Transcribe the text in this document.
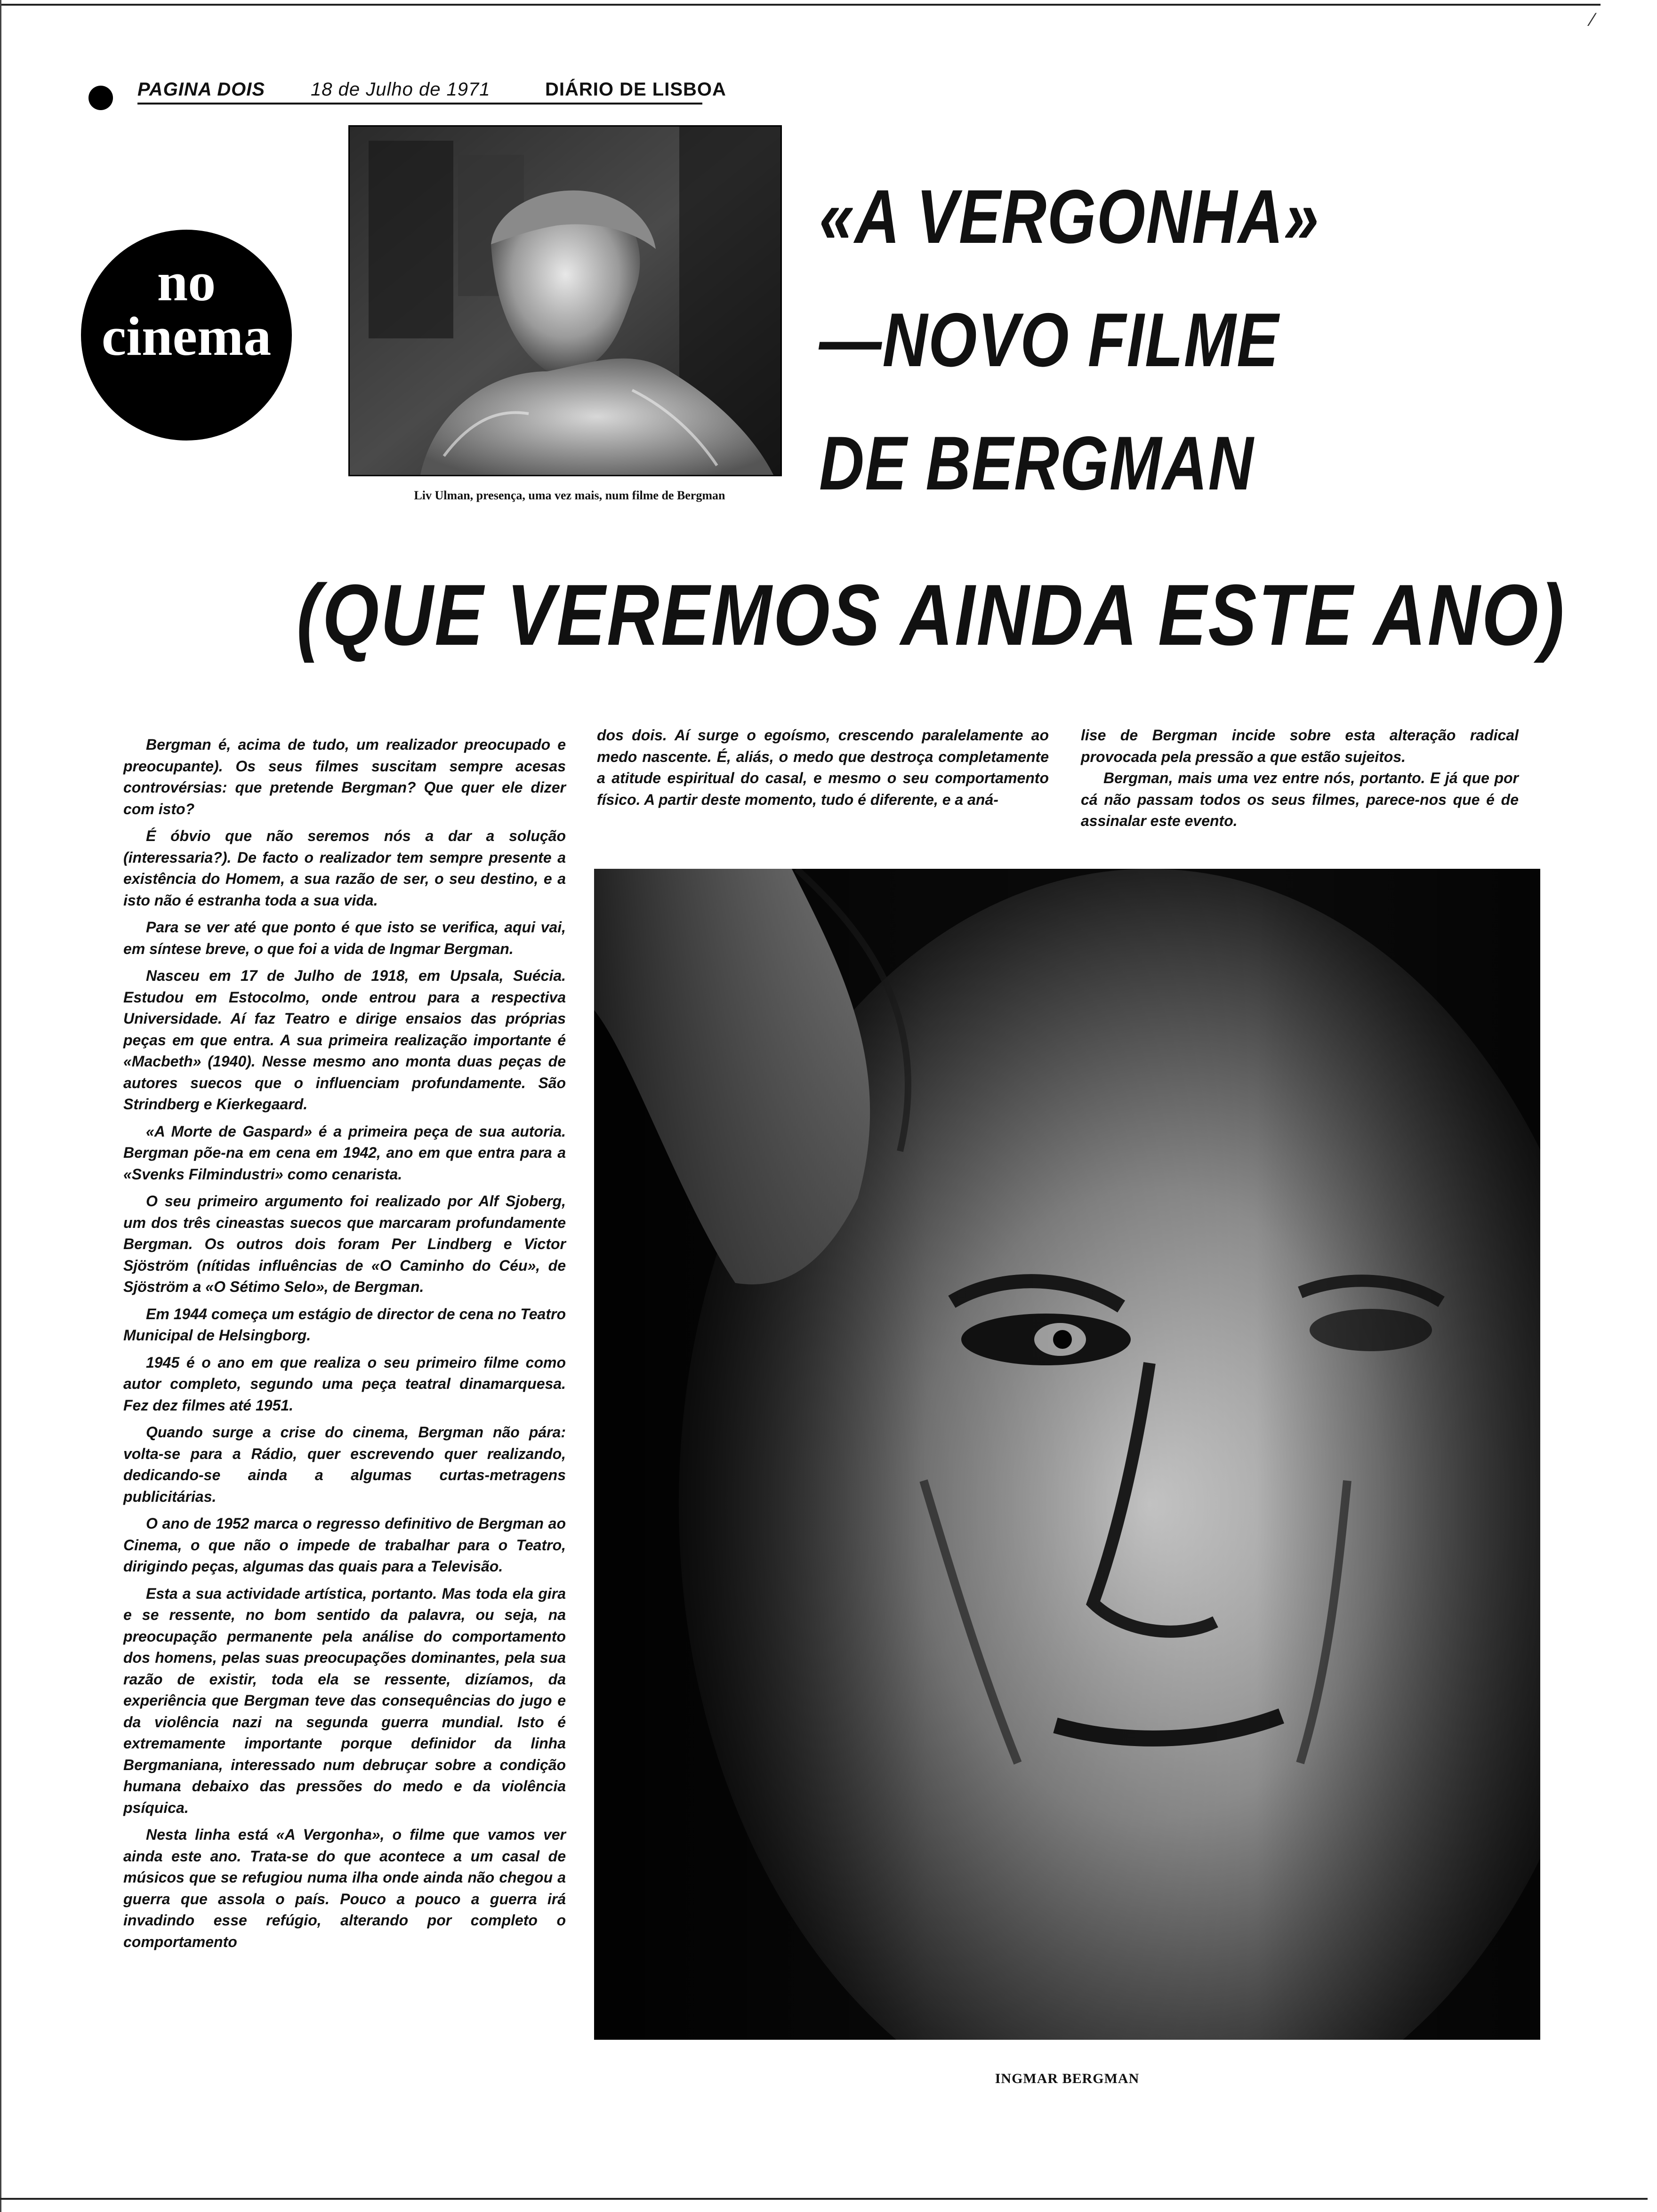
⁄
PAGINA DOIS 18 de Julho de 1971	DIÁRIO DE LISBOA
no
cinema
Liv Ulman, presença, uma vez mais, num filme de Bergman
«A VERGONHA»
—NOVO FILME
DE BERGMAN
(QUE VEREMOS AINDA ESTE ANO)

Bergman é, acima de tudo, um realizador preocupado e preocupante). Os seus filmes suscitam sempre acesas controvérsias: que pretende Bergman? Que quer ele dizer com isto?

É óbvio que não seremos nós a dar a solução (interessaria?). De facto o realizador tem sempre presente a existência do Homem, a sua razão de ser, o seu destino, e a isto não é estranha toda a sua vida.

Para se ver até que ponto é que isto se verifica, aqui vai, em síntese breve, o que foi a vida de Ingmar Bergman.

Nasceu em 17 de Julho de 1918, em Upsala, Suécia. Estudou em Estocolmo, onde entrou para a respectiva Universidade. Aí faz Teatro e dirige ensaios das próprias peças em que entra. A sua primeira realização importante é «Macbeth» (1940). Nesse mesmo ano monta duas peças de autores suecos que o influenciam profundamente. São Strindberg e Kierkegaard.

«A Morte de Gaspard» é a primeira peça de sua autoria. Bergman põe-na em cena em 1942, ano em que entra para a «Svenks Filmindustri» como cenarista.

O seu primeiro argumento foi realizado por Alf Sjoberg, um dos três cineastas suecos que marcaram profundamente Bergman. Os outros dois foram Per Lindberg e Victor Sjöström (nítidas influências de «O Caminho do Céu», de Sjöström a «O Sétimo Selo», de Bergman.

Em 1944 começa um estágio de director de cena no Teatro Municipal de Helsingborg.

1945 é o ano em que realiza o seu primeiro filme como autor completo, segundo uma peça teatral dinamarquesa. Fez dez filmes até 1951.

Quando surge a crise do cinema, Bergman não pára: volta-se para a Rádio, quer escrevendo quer realizando, dedicando-se ainda a algumas curtas-metragens publicitárias.

O ano de 1952 marca o regresso definitivo de Bergman ao Cinema, o que não o impede de trabalhar para o Teatro, dirigindo peças, algumas das quais para a Televisão.

Esta a sua actividade artística, portanto. Mas toda ela gira e se ressente, no bom sentido da palavra, ou seja, na preocupação permanente pela análise do comportamento dos homens, pelas suas preocupações dominantes, pela sua razão de existir, toda ela se ressente, dizíamos, da experiência que Bergman teve das consequências do jugo e da violência nazi na segunda guerra mundial. Isto é extremamente importante porque definidor da linha Bergmaniana, interessado num debruçar sobre a condição humana debaixo das pressões do medo e da violência psíquica.

Nesta linha está «A Vergonha», o filme que vamos ver ainda este ano. Trata-se do que acontece a um casal de músicos que se refugiou numa ilha onde ainda não chegou a guerra que assola o país. Pouco a pouco a guerra irá invadindo esse refúgio, alterando por completo o comportamento

dos dois. Aí surge o egoísmo, crescendo paralelamente ao medo nascente. É, aliás, o medo que destroça completamente a atitude espiritual do casal, e mesmo o seu comportamento físico. A partir deste momento, tudo é diferente, e a aná-

lise de Bergman incide sobre esta alteração radical provocada pela pressão a que estão sujeitos.

Bergman, mais uma vez entre nós, portanto. E já que por cá não passam todos os seus filmes, parece-nos que é de assinalar este evento.

INGMAR BERGMAN
